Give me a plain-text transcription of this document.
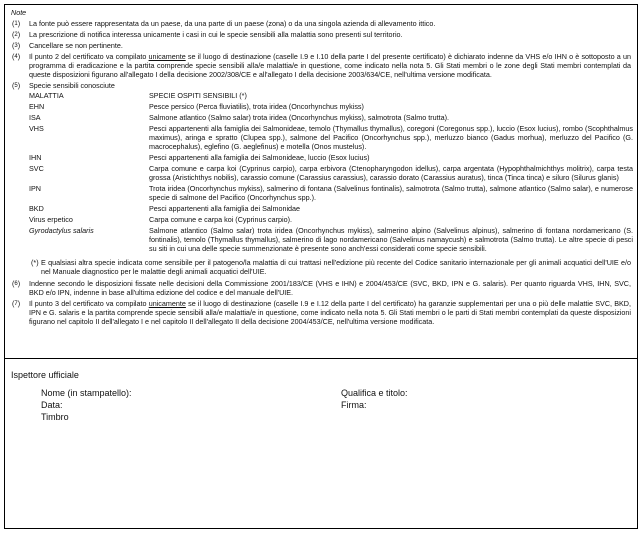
Note
($^1$) La fonte può essere rappresentata da un paese, da una parte di un paese (zona) o da una singola azienda di allevamento ittico.
($^2$) La prescrizione di notifica interessa unicamente i casi in cui le specie sensibili alla malattia sono presenti sul territorio.
($^3$) Cancellare se non pertinente.
($^4$) Il punto 2 del certificato va compilato unicamente se il luogo di destinazione (caselle I.9 e I.10 della parte I del presente certificato) è dichiarato indenne da VHS e/o IHN o è sottoposto a un programma di eradicazione e la partita comprende specie sensibili alla/e malattia/e in questione, come indicato nella nota 5. Gli Stati membri o le zone degli Stati membri contemplati da queste disposizioni figurano all'allegato I della decisione 2002/308/CE e all'allegato I della decisione 2003/634/CE, nell'ultima versione modificata.
($^5$) Specie sensibili conosciute
MALATTIA	SPECIE OSPITI SENSIBILI (*)
EHN	Pesce persico (Perca fluviatilis), trota iridea (Oncorhynchus mykiss)
ISA	Salmone atlantico (Salmo salar) trota iridea (Oncorhynchus mykiss), salmotrota (Salmo trutta).
VHS	Pesci appartenenti alla famiglia dei Salmonideae, temolo (Thymallus thymallus), coregoni (Coregonus spp.), luccio (Esox lucius), rombo (Scophthalmus maximus), aringa e spratto (Clupea spp.), salmone del Pacifico (Oncorhynchus spp.), merluzzo bianco (Gadus morhua), merluzzo del Pacifico (G. macrocephalus), eglefino (G. aeglefinus) e motella (Onos mustelus).
IHN	Pesci appartenenti alla famiglia dei Salmonideae, luccio (Esox lucius)
SVC	Carpa comune e carpa koi (Cyprinus carpio), carpa erbivora (Ctenopharyngodon idellus), carpa argentata (Hypophthalmichthys molitrix), carpa testa grossa (Aristichthys nobilis), carassio comune (Carassius carassius), carassio dorato (Carassius auratus), tinca (Tinca tinca) e siluro (Silurus glanis)
IPN	Trota iridea (Oncorhynchus mykiss), salmerino di fontana (Salvelinus fontinalis), salmotrota (Salmo trutta), salmone atlantico (Salmo salar), e numerose specie di salmone del Pacifico (Oncorhynchus spp.).
BKD	Pesci appartenenti alla famiglia dei Salmonidae
Virus erpetico	Carpa comune e carpa koi (Cyprinus carpio).
Gyrodactylus salaris	Salmone atlantico (Salmo salar) trota iridea (Oncorhynchus mykiss), salmerino alpino (Salvelinus alpinus), salmerino di fontana nordamericano (S. fontinalis), temolo (Thymallus thymallus), salmerino di lago nordamericano (Salvelinus namaycush) e salmotrota (Salmo trutta). Le altre specie di pesci su siti in cui una delle specie summenzionate è presente sono anch'essi considerati come specie sensibili.
(*) E qualsiasi altra specie indicata come sensibile per il patogeno/la malattia di cui trattasi nell'edizione più recente del Codice sanitario internazionale per gli animali acquatici dell'UIE e/o nel Manuale diagnostico per le malattie degli animali acquatici dell'UIE.
($^6$) Indenne secondo le disposizioni fissate nelle decisioni della Commissione 2001/183/CE (VHS e IHN) e 2004/453/CE (SVC, BKD, IPN e G. salaris). Per quanto riguarda VHS, IHN, SVC, BKD e/o IPN, indenne in base all'ultima edizione del codice e del manuale dell'UIE.
($^7$) Il punto 3 del certificato va compilato unicamente se il luogo di destinazione (caselle I.9 e I.12 della parte I del certificato) ha garanzie supplementari per una o più delle malattie SVC, BKD, IPN e G. salaris e la partita comprende specie sensibili alla/e malattia/e in questione, come indicato nella nota 5. Gli Stati membri o le parti di Stati membri contemplati da queste disposizioni figurano nel capitolo II dell'allegato I e nel capitolo II dell'allegato II della decisione 2004/453/CE, nell'ultima versione modificata.
Ispettore ufficiale
Nome (in stampatello):	Qualifica e titolo:
Data:	Firma:
Timbro
